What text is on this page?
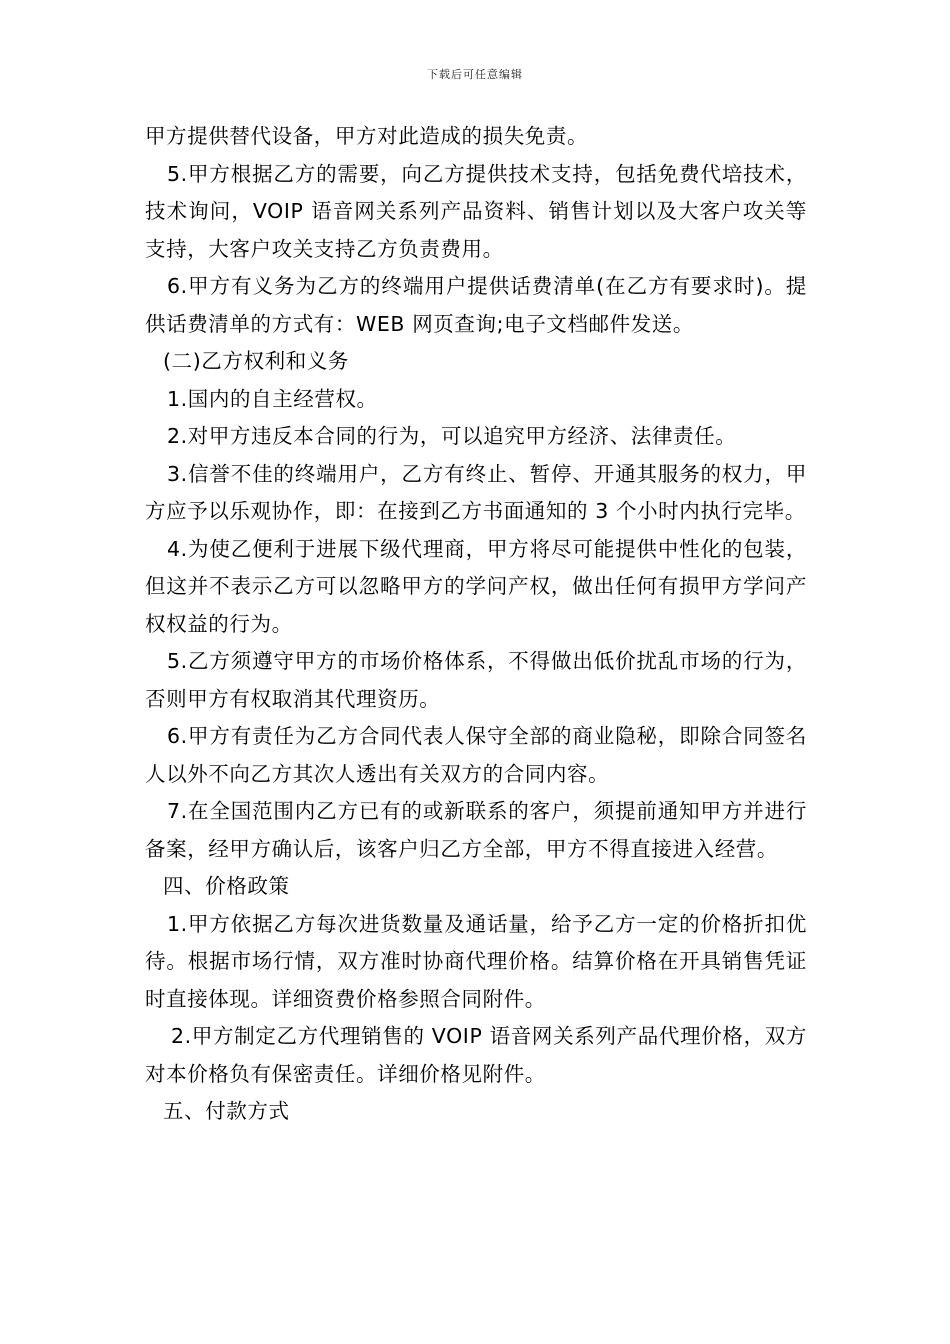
下载后可任意编辑

甲方提供替代设备，甲方对此造成的损失免责。

5.甲方根据乙方的需要，向乙方提供技术支持，包括免费代培技术，技术询问，VOIP 语音网关系列产品资料、销售计划以及大客户攻关等支持，大客户攻关支持乙方负责费用。

6.甲方有义务为乙方的终端用户提供话费清单(在乙方有要求时)。提供话费清单的方式有：WEB 网页查询;电子文档邮件发送。

(二)乙方权利和义务

1.国内的自主经营权。

2.对甲方违反本合同的行为，可以追究甲方经济、法律责任。

3.信誉不佳的终端用户，乙方有终止、暂停、开通其服务的权力，甲方应予以乐观协作，即：在接到乙方书面通知的 3 个小时内执行完毕。

4.为使乙便利于进展下级代理商，甲方将尽可能提供中性化的包装，但这并不表示乙方可以忽略甲方的学问产权，做出任何有损甲方学问产权权益的行为。

5.乙方须遵守甲方的市场价格体系，不得做出低价扰乱市场的行为，否则甲方有权取消其代理资历。

6.甲方有责任为乙方合同代表人保守全部的商业隐秘，即除合同签名人以外不向乙方其次人透出有关双方的合同内容。

7.在全国范围内乙方已有的或新联系的客户，须提前通知甲方并进行备案，经甲方确认后，该客户归乙方全部，甲方不得直接进入经营。

四、价格政策

1.甲方依据乙方每次进货数量及通话量，给予乙方一定的价格折扣优待。根据市场行情，双方准时协商代理价格。结算价格在开具销售凭证时直接体现。详细资费价格参照合同附件。

2.甲方制定乙方代理销售的 VOIP 语音网关系列产品代理价格，双方对本价格负有保密责任。详细价格见附件。

五、付款方式
